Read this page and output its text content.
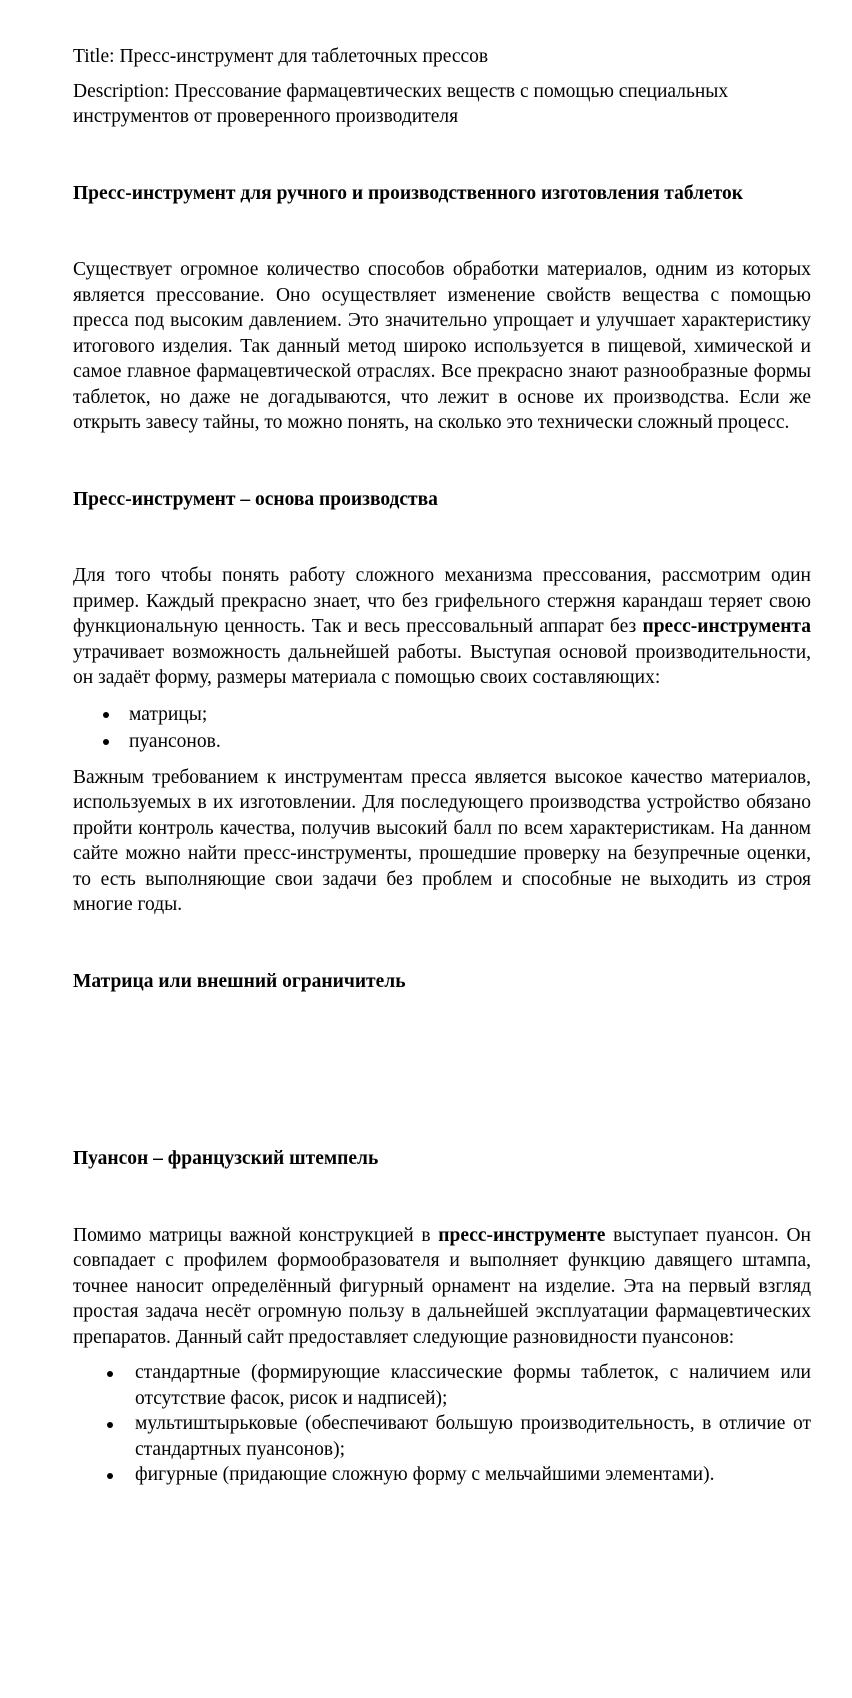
Title: Пресс-инструмент для таблеточных прессов

Description: Прессование фармацевтических веществ с помощью специальных инструментов от проверенного производителя

Пресс-инструмент для ручного и производственного изготовления таблеток

Существует огромное количество способов обработки материалов, одним из которых является прессование. Оно осуществляет изменение свойств вещества с помощью пресса под высоким давлением. Это значительно упрощает и улучшает характеристику итогового изделия. Так данный метод широко используется в пищевой, химической и самое главное фармацевтической отраслях. Все прекрасно знают разнообразные формы таблеток, но даже не догадываются, что лежит в основе их производства. Если же открыть завесу тайны, то можно понять, на сколько это технически сложный процесс.

Пресс-инструмент – основа производства

Для того чтобы понять работу сложного механизма прессования, рассмотрим один пример. Каждый прекрасно знает, что без грифельного стержня карандаш теряет свою функциональную ценность. Так и весь прессовальный аппарат без пресс-инструмента утрачивает возможность дальнейшей работы. Выступая основой производительности, он задаёт форму, размеры материала с помощью своих составляющих:

матрицы;
пуансонов.

Важным требованием к инструментам пресса является высокое качество материалов, используемых в их изготовлении. Для последующего производства устройство обязано пройти контроль качества, получив высокий балл по всем характеристикам. На данном сайте можно найти пресс-инструменты, прошедшие проверку на безупречные оценки, то есть выполняющие свои задачи без проблем и способные не выходить из строя многие годы.

Матрица или внешний ограничитель

Пуансон – французский штемпель

Помимо матрицы важной конструкцией в пресс-инструменте выступает пуансон. Он совпадает с профилем формообразователя и выполняет функцию давящего штампа, точнее наносит определённый фигурный орнамент на изделие. Эта на первый взгляд простая задача несёт огромную пользу в дальнейшей эксплуатации фармацевтических препаратов. Данный сайт предоставляет следующие разновидности пуансонов:

стандартные (формирующие классические формы таблеток, с наличием или отсутствие фасок, рисок и надписей);
мультиштырьковые (обеспечивают большую производительность, в отличие от стандартных пуансонов);
фигурные (придающие сложную форму с мельчайшими элементами).
